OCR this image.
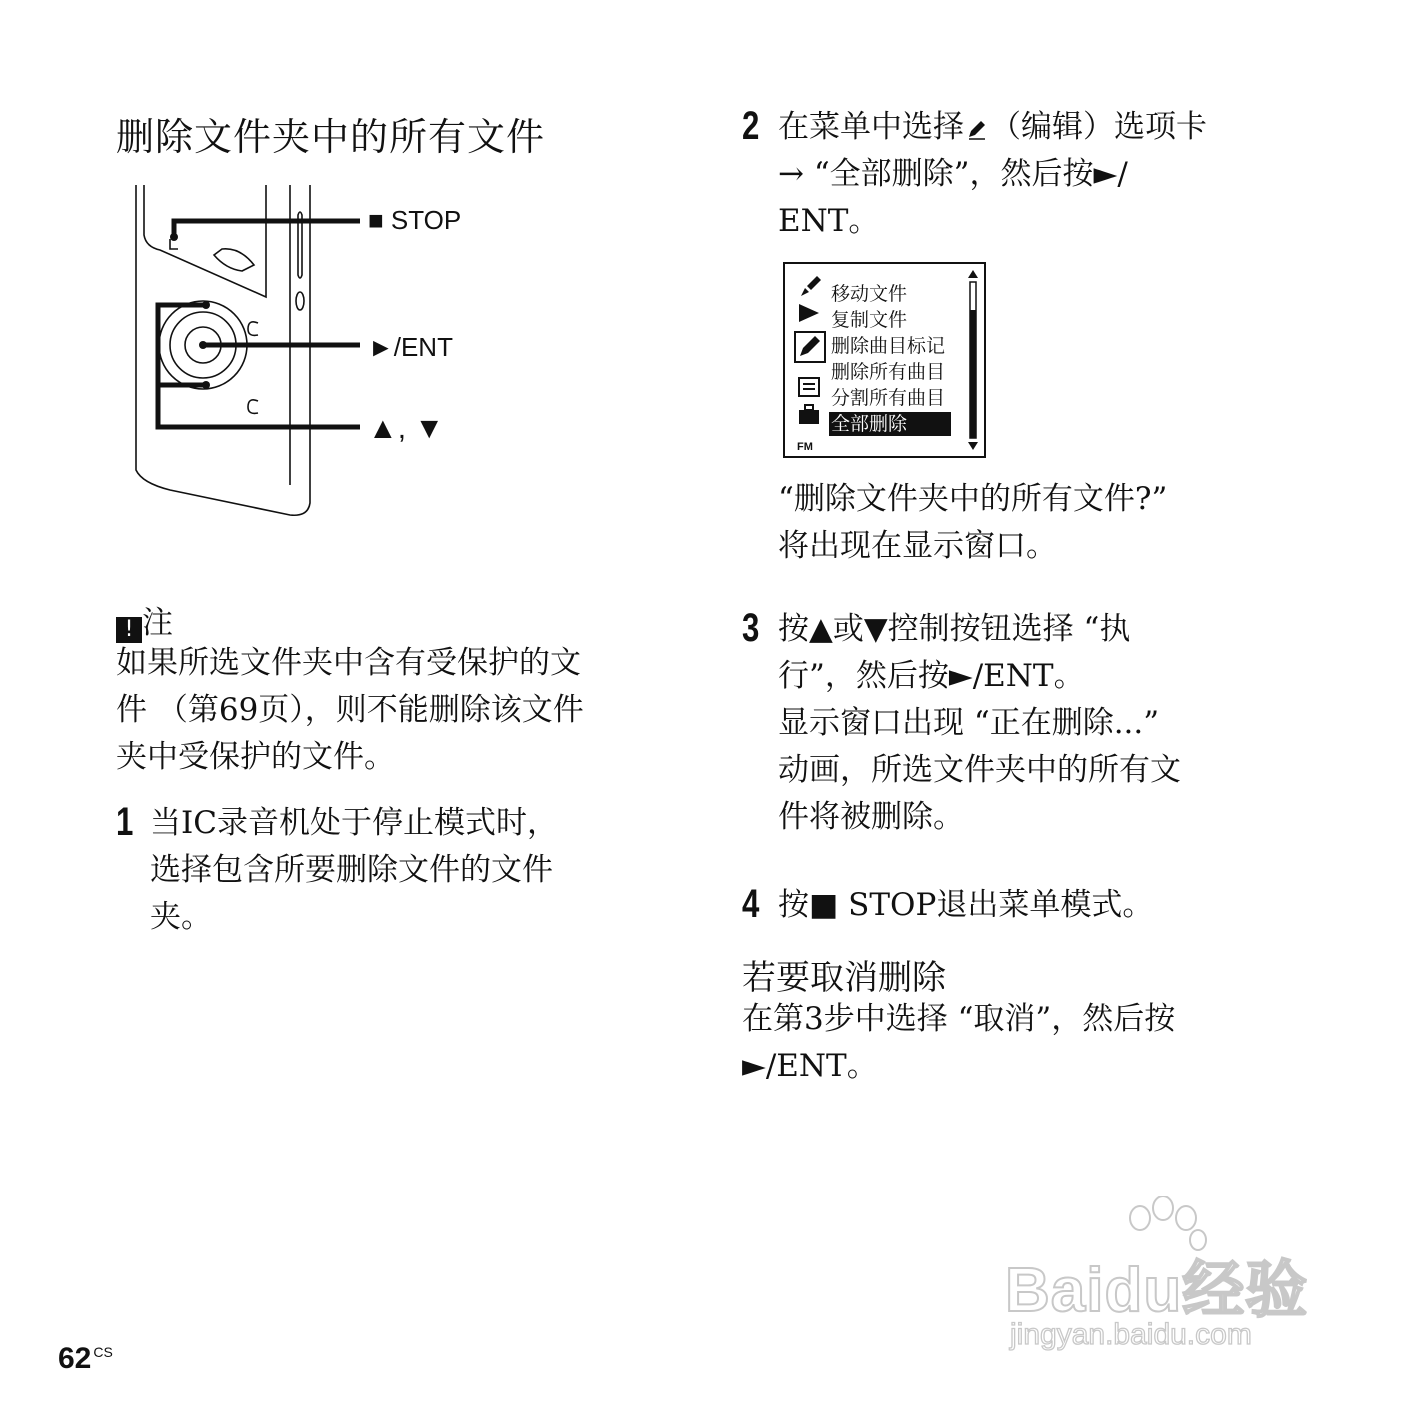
删除文件夹中的所有文件
■ STOP
►/ENT
▲, ▼
! 注
如果所选文件夹中含有受保护的文
件 （第69页），则不能删除该文件
夹中受保护的文件。
1 当IC录音机处于停止模式时，
选择包含所要删除文件的文件
夹。
2 在菜单中选择 （编辑）选项卡
→ “全部删除”，然后按►/
ENT。
FM
移动文件
复制文件
删除曲目标记
删除所有曲目
分割所有曲目
全部删除
“删除文件夹中的所有文件?”
将出现在显示窗口。
3 按▲或▼控制按钮选择 “执
行”，然后按►/ENT。
显示窗口出现 “正在删除...”
动画，所选文件夹中的所有文
件将被删除。
4 按■ STOP退出菜单模式。
若要取消删除
在第3步中选择 “取消”，然后按
►/ENT。
62 $^{CS}$
Baidu经验
jingyan.baidu.com
